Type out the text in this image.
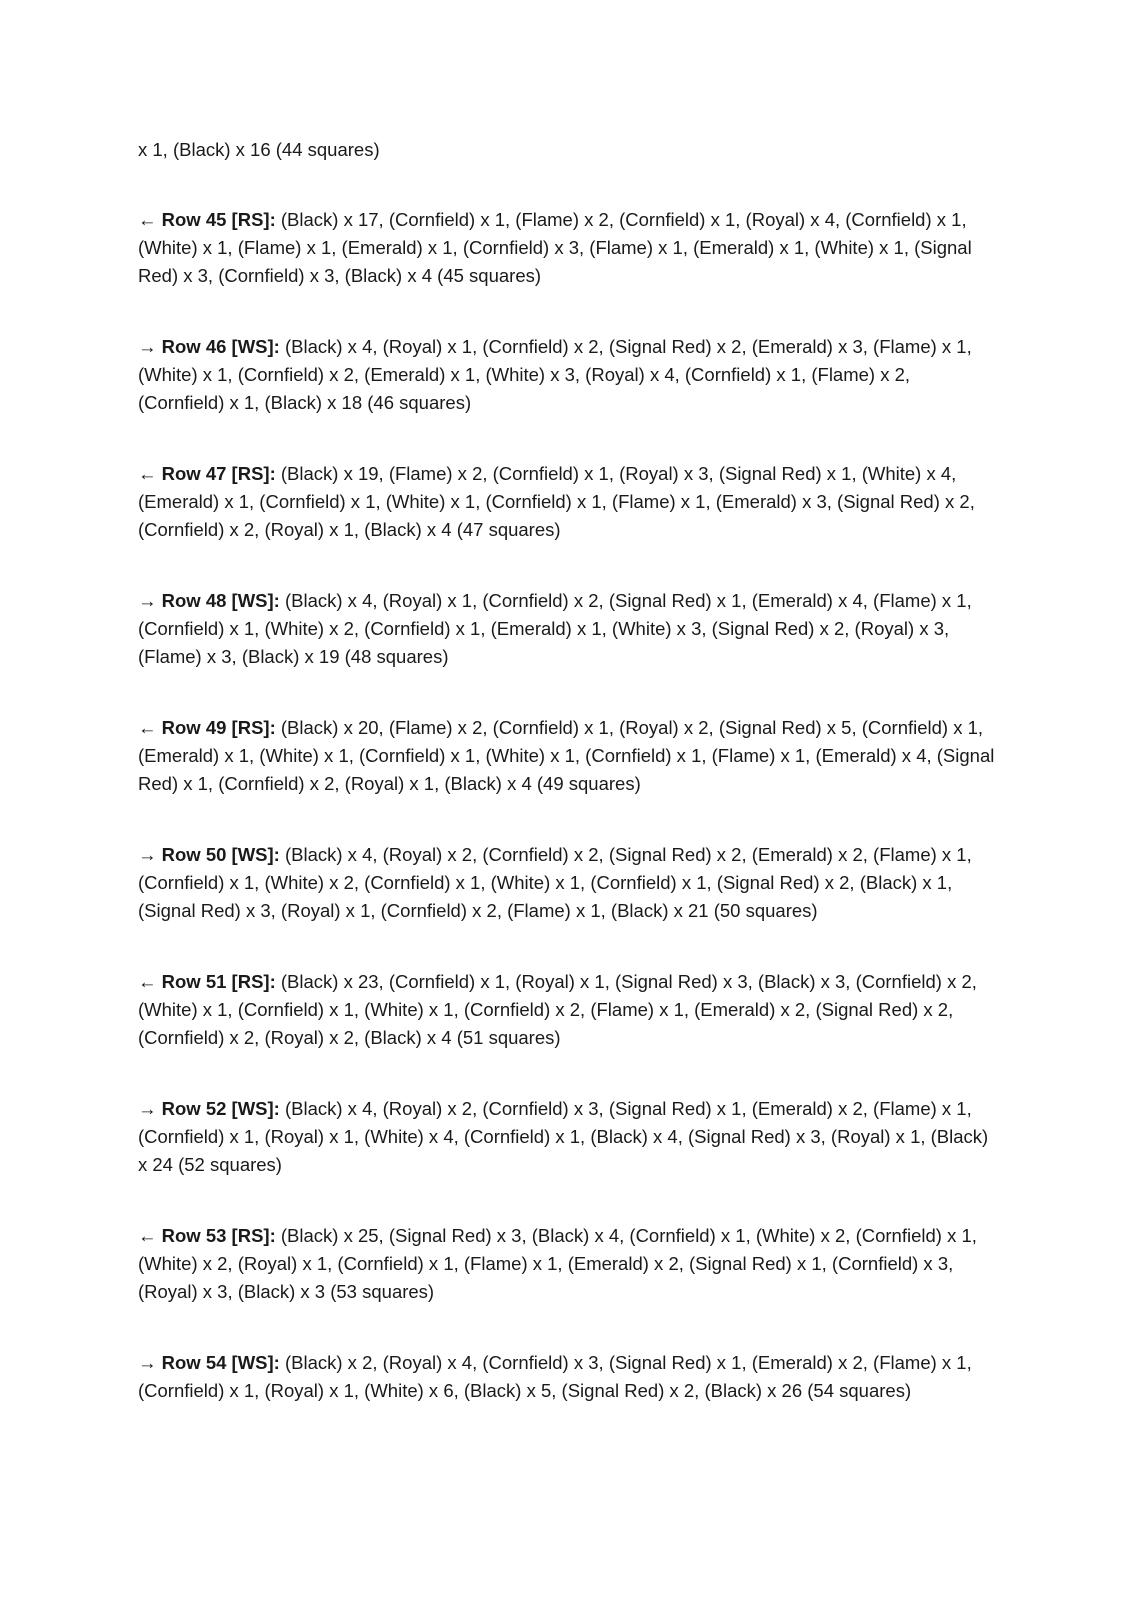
x 1, (Black) x 16 (44 squares)

← Row 45 [RS]: (Black) x 17, (Cornfield) x 1, (Flame) x 2, (Cornfield) x 1, (Royal) x 4, (Cornfield) x 1, (White) x 1, (Flame) x 1, (Emerald) x 1, (Cornfield) x 3, (Flame) x 1, (Emerald) x 1, (White) x 1, (Signal Red) x 3, (Cornfield) x 3, (Black) x 4 (45 squares)

→ Row 46 [WS]: (Black) x 4, (Royal) x 1, (Cornfield) x 2, (Signal Red) x 2, (Emerald) x 3, (Flame) x 1, (White) x 1, (Cornfield) x 2, (Emerald) x 1, (White) x 3, (Royal) x 4, (Cornfield) x 1, (Flame) x 2, (Cornfield) x 1, (Black) x 18 (46 squares)

← Row 47 [RS]: (Black) x 19, (Flame) x 2, (Cornfield) x 1, (Royal) x 3, (Signal Red) x 1, (White) x 4, (Emerald) x 1, (Cornfield) x 1, (White) x 1, (Cornfield) x 1, (Flame) x 1, (Emerald) x 3, (Signal Red) x 2, (Cornfield) x 2, (Royal) x 1, (Black) x 4 (47 squares)

→ Row 48 [WS]: (Black) x 4, (Royal) x 1, (Cornfield) x 2, (Signal Red) x 1, (Emerald) x 4, (Flame) x 1, (Cornfield) x 1, (White) x 2, (Cornfield) x 1, (Emerald) x 1, (White) x 3, (Signal Red) x 2, (Royal) x 3, (Flame) x 3, (Black) x 19 (48 squares)

← Row 49 [RS]: (Black) x 20, (Flame) x 2, (Cornfield) x 1, (Royal) x 2, (Signal Red) x 5, (Cornfield) x 1, (Emerald) x 1, (White) x 1, (Cornfield) x 1, (White) x 1, (Cornfield) x 1, (Flame) x 1, (Emerald) x 4, (Signal Red) x 1, (Cornfield) x 2, (Royal) x 1, (Black) x 4 (49 squares)

→ Row 50 [WS]: (Black) x 4, (Royal) x 2, (Cornfield) x 2, (Signal Red) x 2, (Emerald) x 2, (Flame) x 1, (Cornfield) x 1, (White) x 2, (Cornfield) x 1, (White) x 1, (Cornfield) x 1, (Signal Red) x 2, (Black) x 1, (Signal Red) x 3, (Royal) x 1, (Cornfield) x 2, (Flame) x 1, (Black) x 21 (50 squares)

← Row 51 [RS]: (Black) x 23, (Cornfield) x 1, (Royal) x 1, (Signal Red) x 3, (Black) x 3, (Cornfield) x 2, (White) x 1, (Cornfield) x 1, (White) x 1, (Cornfield) x 2, (Flame) x 1, (Emerald) x 2, (Signal Red) x 2, (Cornfield) x 2, (Royal) x 2, (Black) x 4 (51 squares)

→ Row 52 [WS]: (Black) x 4, (Royal) x 2, (Cornfield) x 3, (Signal Red) x 1, (Emerald) x 2, (Flame) x 1, (Cornfield) x 1, (Royal) x 1, (White) x 4, (Cornfield) x 1, (Black) x 4, (Signal Red) x 3, (Royal) x 1, (Black) x 24 (52 squares)

← Row 53 [RS]: (Black) x 25, (Signal Red) x 3, (Black) x 4, (Cornfield) x 1, (White) x 2, (Cornfield) x 1, (White) x 2, (Royal) x 1, (Cornfield) x 1, (Flame) x 1, (Emerald) x 2, (Signal Red) x 1, (Cornfield) x 3, (Royal) x 3, (Black) x 3 (53 squares)

→ Row 54 [WS]: (Black) x 2, (Royal) x 4, (Cornfield) x 3, (Signal Red) x 1, (Emerald) x 2, (Flame) x 1, (Cornfield) x 1, (Royal) x 1, (White) x 6, (Black) x 5, (Signal Red) x 2, (Black) x 26 (54 squares)
